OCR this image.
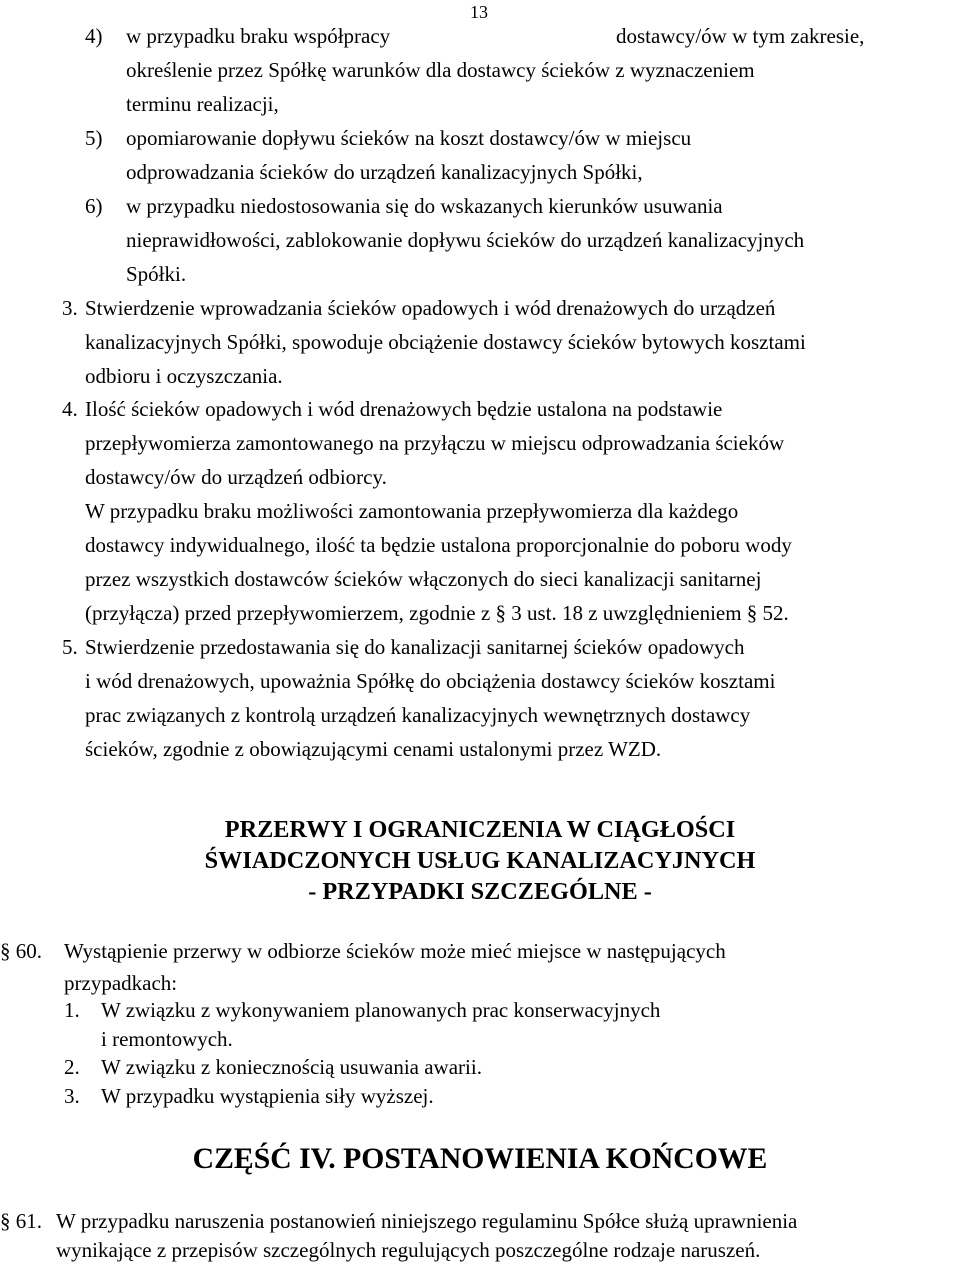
13
4) w przypadku braku współpracy	dostawcy/ów w tym zakresie,
określenie przez Spółkę warunków dla dostawcy ścieków z wyznaczeniem
terminu realizacji,
5) opomiarowanie dopływu ścieków na koszt dostawcy/ów w miejscu
odprowadzania ścieków do urządzeń kanalizacyjnych Spółki,
6) w przypadku niedostosowania się do wskazanych kierunków usuwania
nieprawidłowości, zablokowanie dopływu ścieków do urządzeń kanalizacyjnych
Spółki.
3. Stwierdzenie wprowadzania ścieków opadowych i wód drenażowych do urządzeń
kanalizacyjnych Spółki, spowoduje obciążenie dostawcy ścieków bytowych kosztami
odbioru i oczyszczania.
4. Ilość ścieków opadowych i wód drenażowych będzie ustalona na podstawie
przepływomierza zamontowanego na przyłączu w miejscu odprowadzania ścieków
dostawcy/ów do urządzeń odbiorcy.
W przypadku braku możliwości zamontowania przepływomierza dla każdego
dostawcy indywidualnego, ilość ta będzie ustalona proporcjonalnie do poboru wody
przez wszystkich dostawców ścieków włączonych do sieci kanalizacji sanitarnej
(przyłącza) przed przepływomierzem, zgodnie z § 3 ust. 18 z uwzględnieniem § 52.
5. Stwierdzenie przedostawania się do kanalizacji sanitarnej ścieków opadowych
i wód drenażowych, upoważnia Spółkę do obciążenia dostawcy ścieków kosztami
prac związanych z kontrolą urządzeń kanalizacyjnych wewnętrznych dostawcy
ścieków, zgodnie z obowiązującymi cenami ustalonymi przez WZD.
PRZERWY I OGRANICZENIA W CIĄGŁOŚCI
ŚWIADCZONYCH USŁUG KANALIZACYJNYCH
- PRZYPADKI SZCZEGÓLNE -
§ 60. Wystąpienie przerwy w odbiorze ścieków może mieć miejsce w następujących
przypadkach:
1. W związku z wykonywaniem planowanych prac konserwacyjnych
i remontowych.
2. W związku z koniecznością usuwania awarii.
3. W przypadku wystąpienia siły wyższej.
CZĘŚĆ IV. POSTANOWIENIA KOŃCOWE
§ 61. W przypadku naruszenia postanowień niniejszego regulaminu Spółce służą uprawnienia
wynikające z przepisów szczególnych regulujących poszczególne rodzaje naruszeń.
